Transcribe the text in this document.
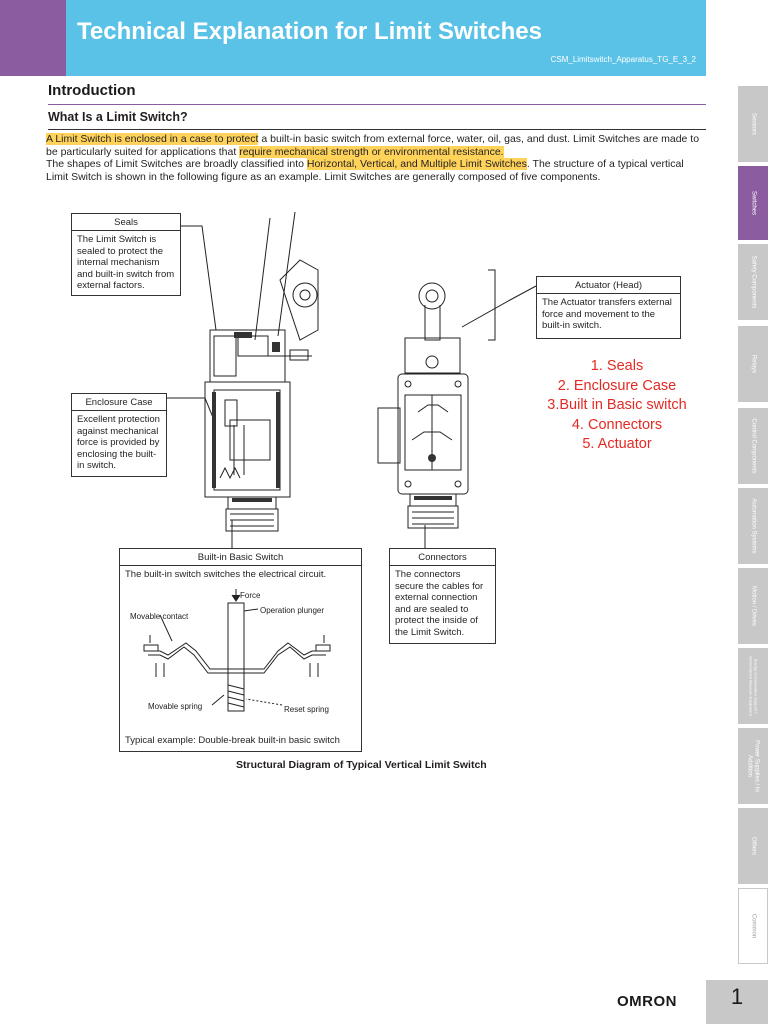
Technical Explanation for Limit Switches
CSM_Limitswitch_Apparatus_TG_E_3_2
Introduction
What Is a Limit Switch?

A Limit Switch is enclosed in a case to protect a built-in basic switch from external force, water, oil, gas, and dust. Limit Switches are made to be particularly suited for applications that require mechanical strength or environmental resistance.

The shapes of Limit Switches are broadly classified into Horizontal, Vertical, and Multiple Limit Switches. The structure of a typical vertical Limit Switch is shown in the following figure as an example. Limit Switches are generally composed of five components.

Seals
The Limit Switch is sealed to protect the internal mechanism and built-in switch from external factors.
Enclosure Case
Excellent protection against mechanical force is provided by enclosing the built-in switch.
Actuator (Head)
The Actuator transfers external force and movement to the built-in switch.
1. Seals
2. Enclosure Case
3.Built in Basic switch
4. Connectors
5. Actuator
Built-in Basic Switch
The built-in switch switches the electrical circuit.
Force
Movable contact
Operation plunger
Movable spring	Reset spring
Typical example: Double-break built-in basic switch
Connectors
The connectors secure the cables for external connection and are sealed to protect the inside of the Limit Switch.
Structural Diagram of Typical Vertical Limit Switch
Sensors
Switches
Safety Components
Relays
Control Components
Automation Systems
Motion / Drives
Energy Conservation Support / Environment Measure Equipment
Power Supplies / In Addition
Others
Common
OMRON	1
